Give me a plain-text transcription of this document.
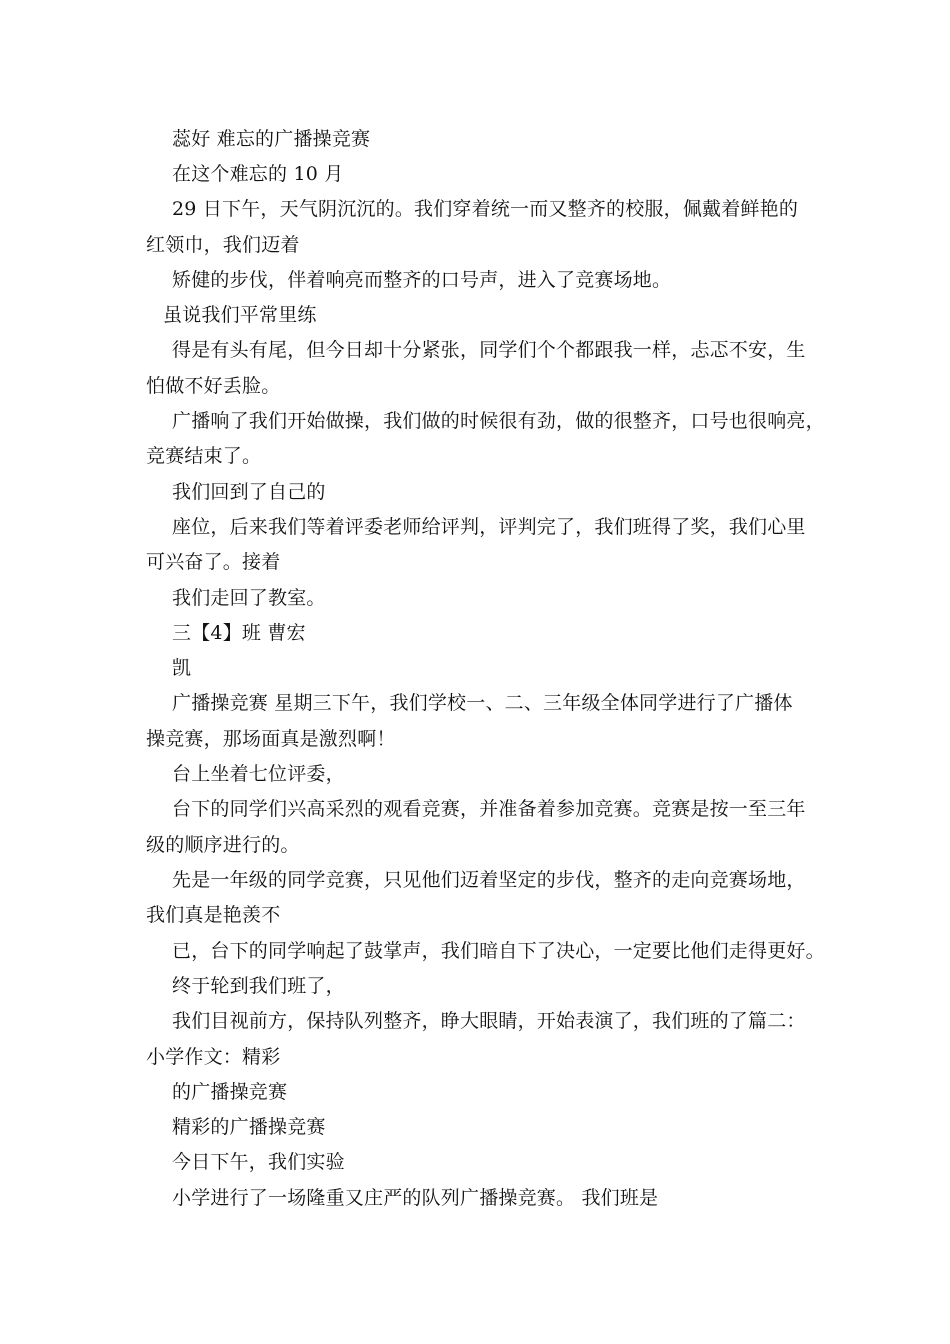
蕊好 难忘的广播操竞赛
在这个难忘的 10 月
29 日下午，天气阴沉沉的。我们穿着统一而又整齐的校服，佩戴着鲜艳的
红领巾，我们迈着
矫健的步伐，伴着响亮而整齐的口号声，进入了竞赛场地。
虽说我们平常里练
得是有头有尾，但今日却十分紧张，同学们个个都跟我一样，忐忑不安，生
怕做不好丢脸。
广播响了我们开始做操，我们做的时候很有劲，做的很整齐，口号也很响亮，
竞赛结束了。
我们回到了自己的
座位，后来我们等着评委老师给评判，评判完了，我们班得了奖，我们心里
可兴奋了。接着
我们走回了教室。
三【4】班 曹宏
凯
广播操竞赛 星期三下午，我们学校一、二、三年级全体同学进行了广播体
操竞赛，那场面真是激烈啊！
台上坐着七位评委，
台下的同学们兴高采烈的观看竞赛，并准备着参加竞赛。竞赛是按一至三年
级的顺序进行的。
先是一年级的同学竞赛，只见他们迈着坚定的步伐，整齐的走向竞赛场地，
我们真是艳羡不
已，台下的同学响起了鼓掌声，我们暗自下了决心，一定要比他们走得更好。
终于轮到我们班了，
我们目视前方，保持队列整齐，睁大眼睛，开始表演了，我们班的了篇二：
小学作文：精彩
的广播操竞赛
精彩的广播操竞赛
今日下午，我们实验
小学进行了一场隆重又庄严的队列广播操竞赛。 我们班是
